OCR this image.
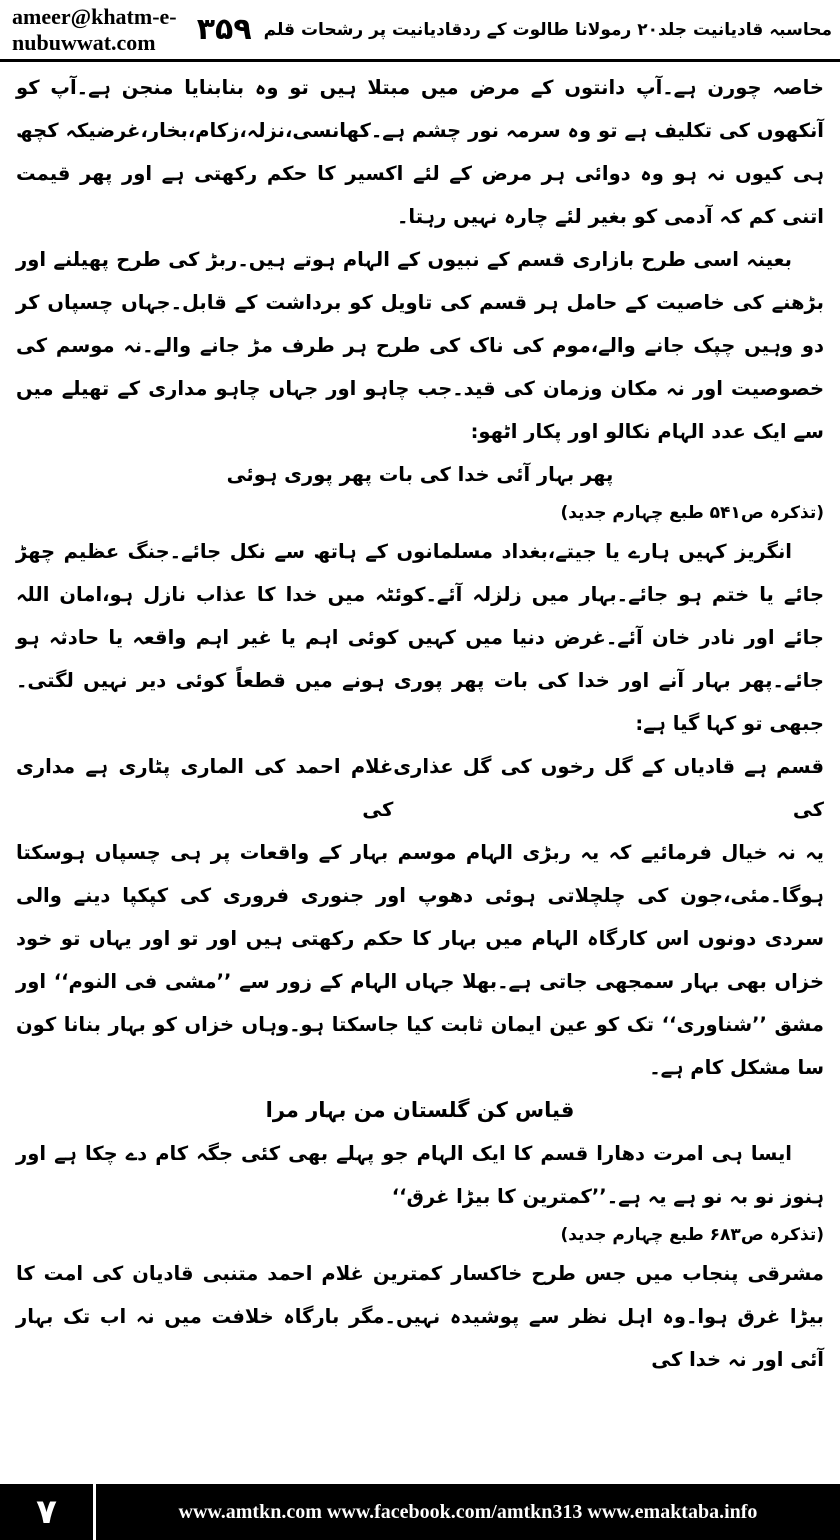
ameer@khatm-e-nubuwwat.com	محاسبہ قادیانیت جلد۲۰ رمولانا طالوت کے ردقادیانیت پر رشحات قلم
۳۵۹

خاصہ چورن ہے۔آپ دانتوں کے مرض میں مبتلا ہیں تو وہ بنابنایا منجن ہے۔آپ کو آنکھوں کی تکلیف ہے تو وہ سرمہ نور چشم ہے۔کھانسی،نزلہ،زکام،بخار،غرضیکہ کچھ ہی کیوں نہ ہو وہ دوائی ہر مرض کے لئے اکسیر کا حکم رکھتی ہے اور پھر قیمت اتنی کم کہ آدمی کو بغیر لئے چارہ نہیں رہتا۔

بعینہ اسی طرح بازاری قسم کے نبیوں کے الہام ہوتے ہیں۔ربڑ کی طرح پھیلنے اور بڑھنے کی خاصیت کے حامل ہر قسم کی تاویل کو برداشت کے قابل۔جہاں چسپاں کر دو وہیں چپک جانے والے،موم کی ناک کی طرح ہر طرف مڑ جانے والے۔نہ موسم کی خصوصیت اور نہ مکان وزمان کی قید۔جب چاہو اور جہاں چاہو مداری کے تھیلے میں سے ایک عدد الہام نکالو اور پکار اٹھو:

پھر بہار آئی خدا کی بات پھر پوری ہوئی

(تذکرہ ص۵۴۱ طبع چہارم جدید)

انگریز کہیں ہارے یا جیتے،بغداد مسلمانوں کے ہاتھ سے نکل جائے۔جنگ عظیم چھڑ جائے یا ختم ہو جائے۔بہار میں زلزلہ آئے۔کوئٹہ میں خدا کا عذاب نازل ہو،امان اللہ جائے اور نادر خان آئے۔غرض دنیا میں کہیں کوئی اہم یا غیر اہم واقعہ یا حادثہ ہو جائے۔پھر بہار آنے اور خدا کی بات پھر پوری ہونے میں قطعاً کوئی دیر نہیں لگتی۔جبھی تو کہا گیا ہے:

قسم ہے قادیاں کے گل رخوں کی گل عذاری کی
غلام احمد کی الماری پٹاری ہے مداری کی

یہ نہ خیال فرمائیے کہ یہ ربڑی الہام موسم بہار کے واقعات پر ہی چسپاں ہوسکتا ہوگا۔مئی،جون کی چلچلاتی ہوئی دھوپ اور جنوری فروری کی کپکپا دینے والی سردی دونوں اس کارگاہ الہام میں بہار کا حکم رکھتی ہیں اور تو اور یہاں تو خود خزاں بھی بہار سمجھی جاتی ہے۔بھلا جہاں الہام کے زور سے ’’مشی فی النوم‘‘ اور مشق ’’شناوری‘‘ تک کو عین ایمان ثابت کیا جاسکتا ہو۔وہاں خزاں کو بہار بنانا کون سا مشکل کام ہے۔

قیاس کن گلستان من بہار مرا

ایسا ہی امرت دھارا قسم کا ایک الہام جو پہلے بھی کئی جگہ کام دے چکا ہے اور ہنوز نو بہ نو ہے یہ ہے۔’’کمترین کا بیڑا غرق‘‘

(تذکرہ ص۶۸۳ طبع چہارم جدید)

مشرقی پنجاب میں جس طرح خاکسار کمترین غلام احمد متنبی قادیان کی امت کا بیڑا غرق ہوا۔وہ اہل نظر سے پوشیدہ نہیں۔مگر بارگاہ خلافت میں نہ اب تک بہار آئی اور نہ خدا کی

۷	www.amtkn.com www.facebook.com/amtkn313 www.emaktaba.info
